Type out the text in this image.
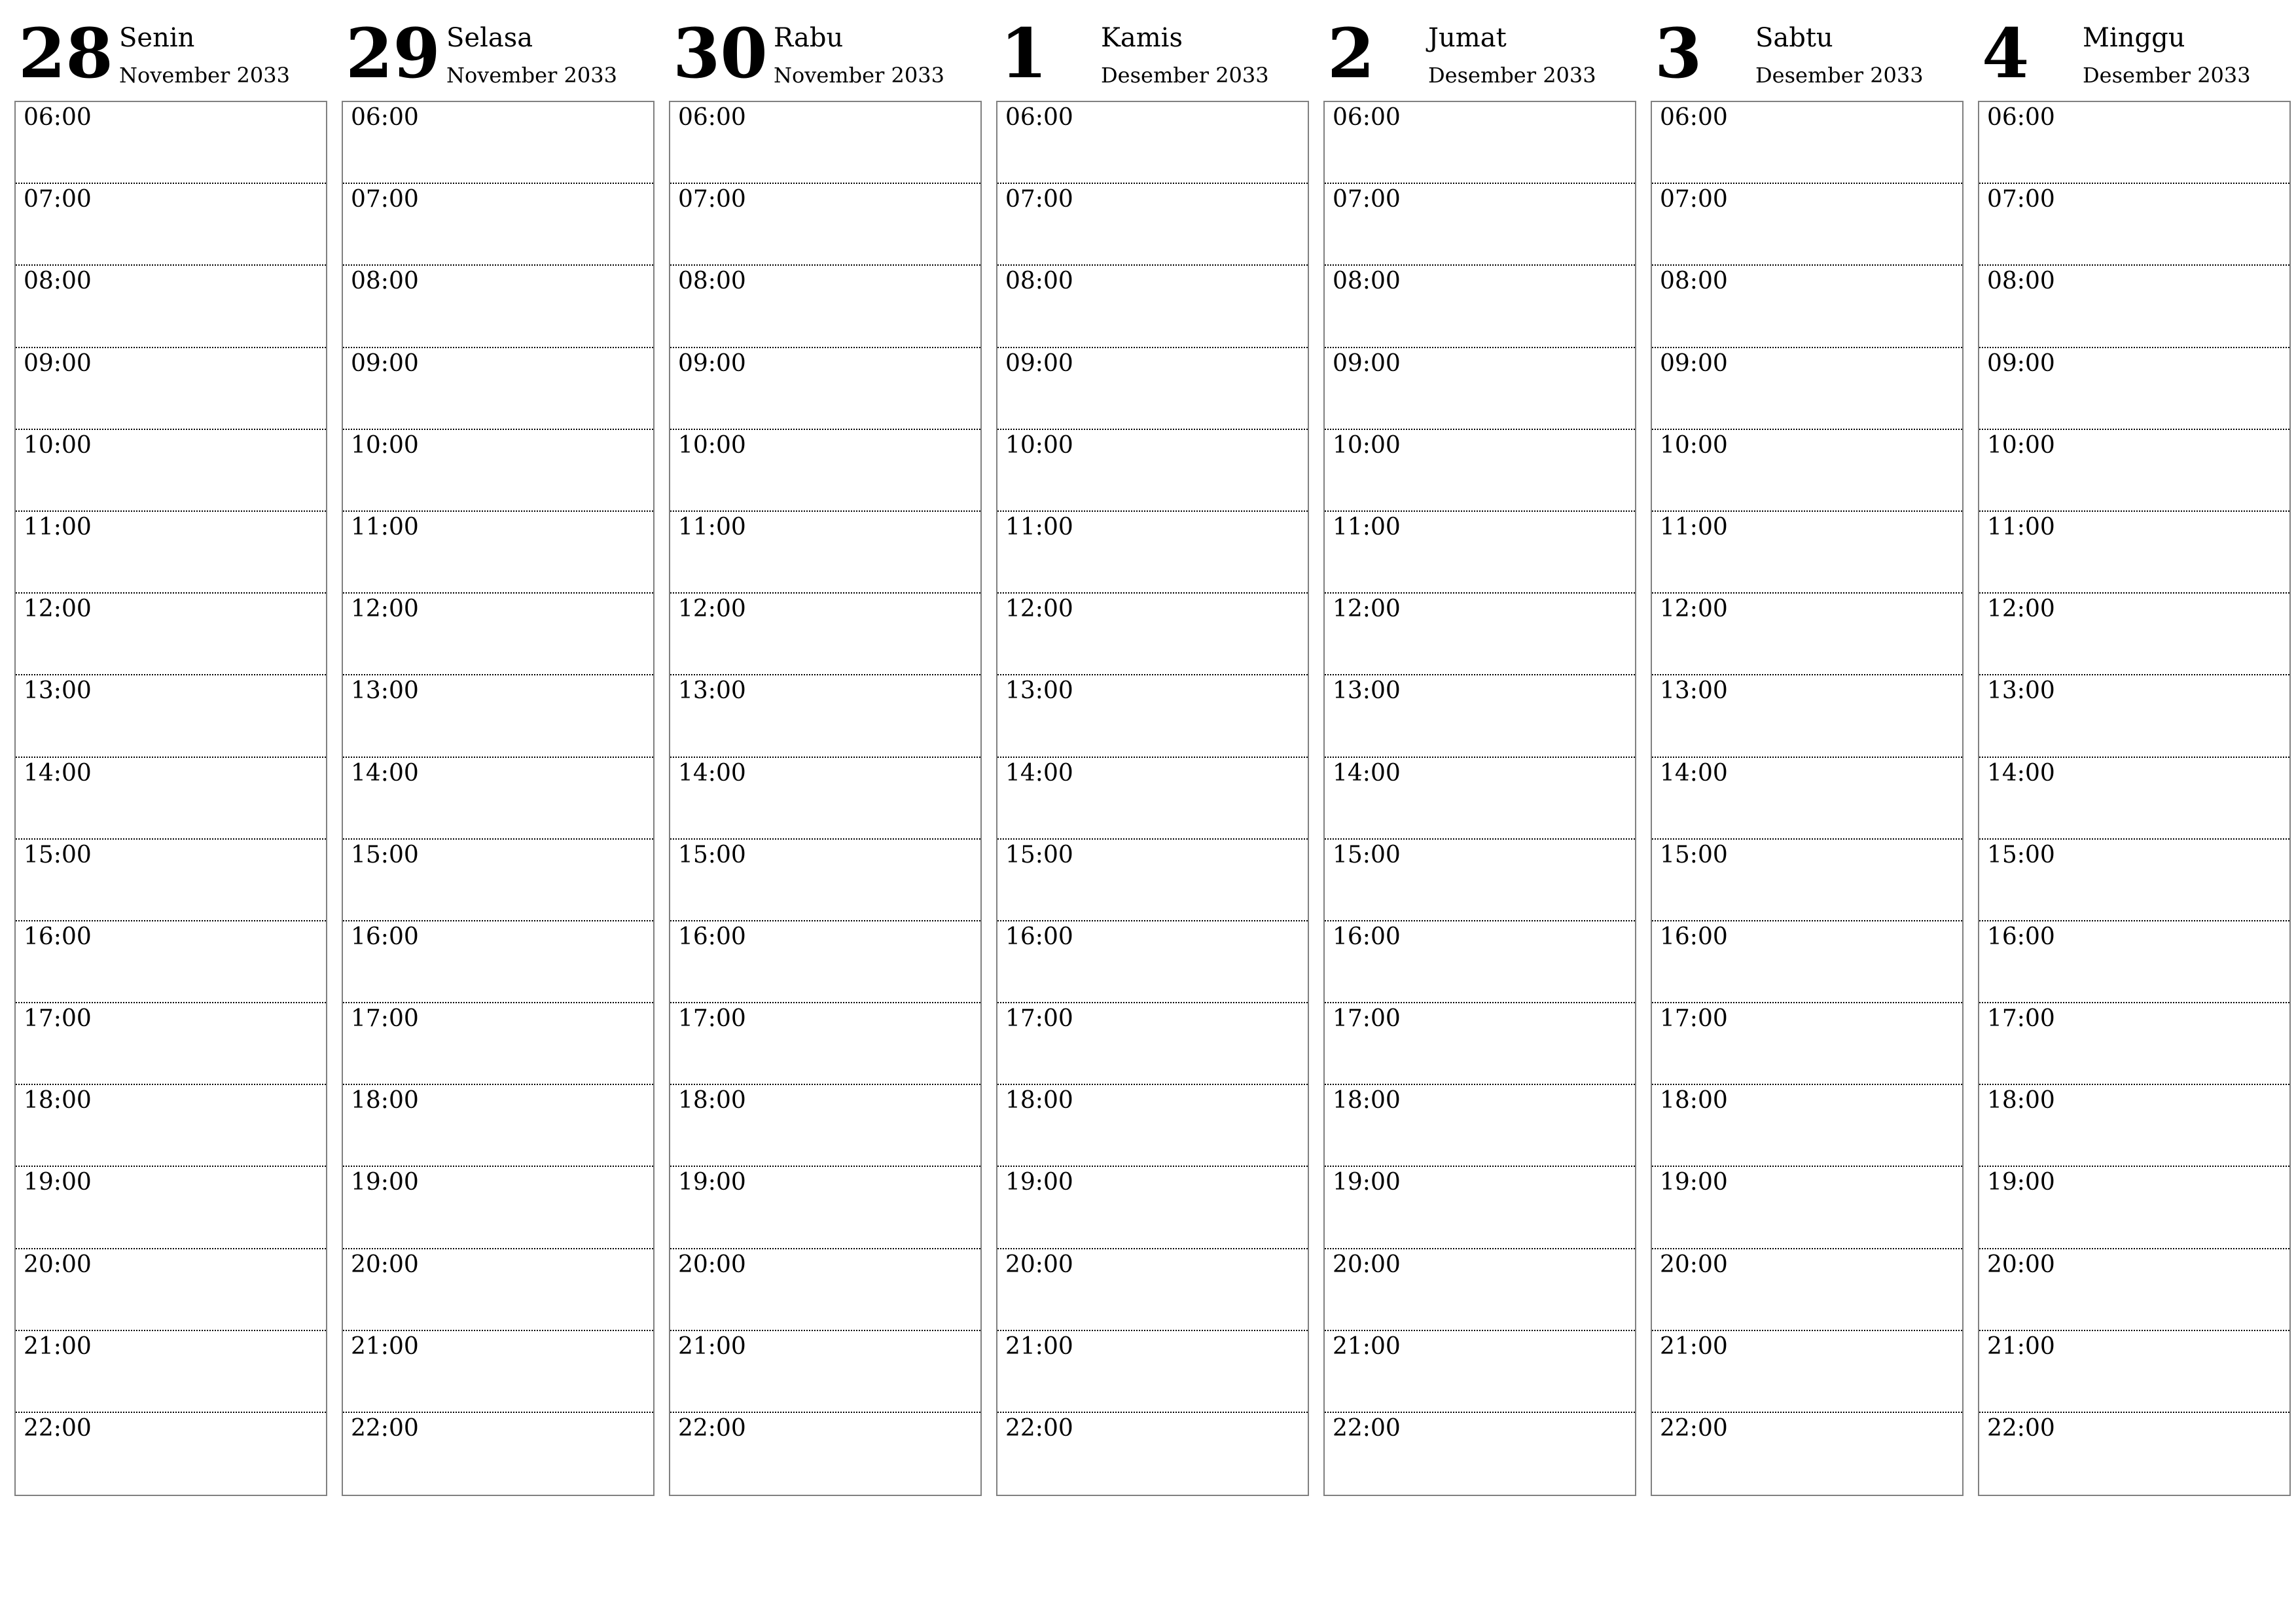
28 Senin
November 2033
06:00
07:00
08:00
09:00
10:00
11:00
12:00
13:00
14:00
15:00
16:00
17:00
18:00
19:00
20:00
21:00
22:00
29 Selasa
November 2033
06:00
07:00
08:00
09:00
10:00
11:00
12:00
13:00
14:00
15:00
16:00
17:00
18:00
19:00
20:00
21:00
22:00
30 Rabu
November 2033
06:00
07:00
08:00
09:00
10:00
11:00
12:00
13:00
14:00
15:00
16:00
17:00
18:00
19:00
20:00
21:00
22:00
1 Kamis
Desember 2033
06:00
07:00
08:00
09:00
10:00
11:00
12:00
13:00
14:00
15:00
16:00
17:00
18:00
19:00
20:00
21:00
22:00
2 Jumat
Desember 2033
06:00
07:00
08:00
09:00
10:00
11:00
12:00
13:00
14:00
15:00
16:00
17:00
18:00
19:00
20:00
21:00
22:00
3 Sabtu
Desember 2033
06:00
07:00
08:00
09:00
10:00
11:00
12:00
13:00
14:00
15:00
16:00
17:00
18:00
19:00
20:00
21:00
22:00
4 Minggu
Desember 2033
06:00
07:00
08:00
09:00
10:00
11:00
12:00
13:00
14:00
15:00
16:00
17:00
18:00
19:00
20:00
21:00
22:00
